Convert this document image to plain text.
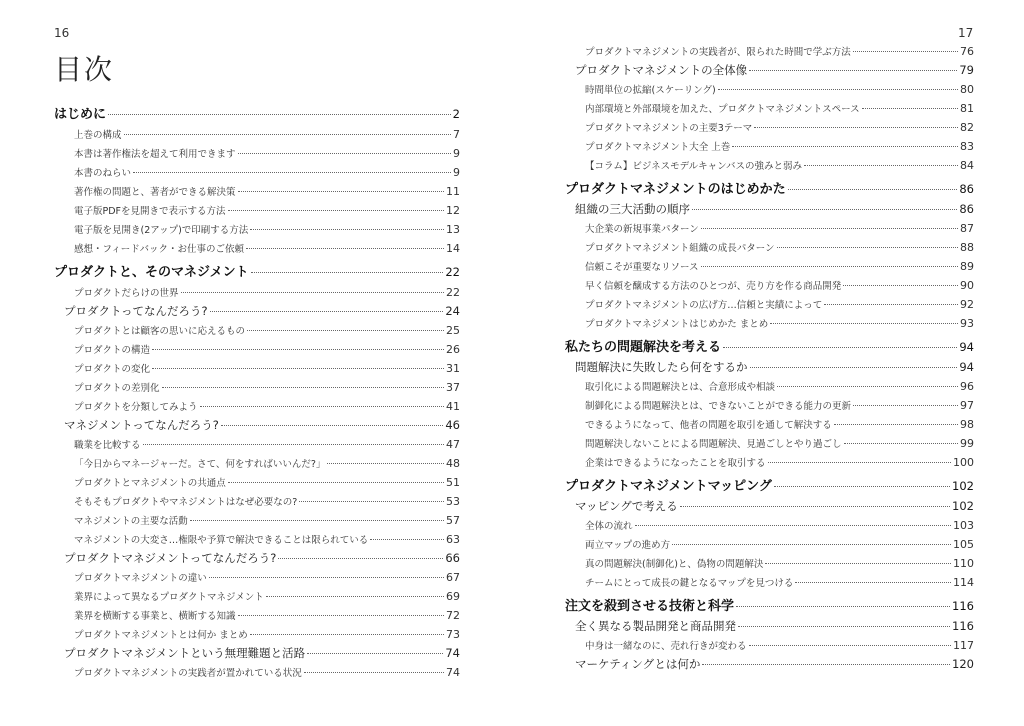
16	17
目次
はじめに	2
上巻の構成	7
本書は著作権法を超えて利用できます	9
本書のねらい	9
著作権の問題と、著者ができる解決策	11
電子版PDFを見開きで表示する方法	12
電子版を見開き(2アップ)で印刷する方法	13
感想・フィードバック・お仕事のご依頼	14
プロダクトと、そのマネジメント	22
プロダクトだらけの世界	22
プロダクトってなんだろう?	24
プロダクトとは顧客の思いに応えるもの	25
プロダクトの構造	26
プロダクトの変化	31
プロダクトの差別化	37
プロダクトを分類してみよう	41
マネジメントってなんだろう?	46
職業を比較する	47
「今日からマネージャーだ。さて、何をすればいいんだ?」	48
プロダクトとマネジメントの共通点	51
そもそもプロダクトやマネジメントはなぜ必要なの?	53
マネジメントの主要な活動	57
マネジメントの大変さ…権限や予算で解決できることは限られている	63
プロダクトマネジメントってなんだろう?	66
プロダクトマネジメントの違い	67
業界によって異なるプロダクトマネジメント	69
業界を横断する事業と、横断する知識	72
プロダクトマネジメントとは何か まとめ	73
プロダクトマネジメントという無理難題と活路	74
プロダクトマネジメントの実践者が置かれている状況	74
プロダクトマネジメントの実践者が、限られた時間で学ぶ方法	76
プロダクトマネジメントの全体像	79
時間単位の拡縮(スケーリング)	80
内部環境と外部環境を加えた、プロダクトマネジメントスペース	81
プロダクトマネジメントの主要3テーマ	82
プロダクトマネジメント大全 上巻	83
【コラム】ビジネスモデルキャンバスの強みと弱み	84
プロダクトマネジメントのはじめかた	86
組織の三大活動の順序	86
大企業の新規事業パターン	87
プロダクトマネジメント組織の成長パターン	88
信頼こそが重要なリソース	89
早く信頼を醸成する方法のひとつが、売り方を作る商品開発	90
プロダクトマネジメントの広げ方…信頼と実績によって	92
プロダクトマネジメントはじめかた まとめ	93
私たちの問題解決を考える	94
問題解決に失敗したら何をするか	94
取引化による問題解決とは、合意形成や相談	96
制御化による問題解決とは、できないことができる能力の更新	97
できるようになって、他者の問題を取引を通して解決する	98
問題解決しないことによる問題解決、見過ごしとやり過ごし	99
企業はできるようになったことを取引する	100
プロダクトマネジメントマッピング	102
マッピングで考える	102
全体の流れ	103
両立マップの進め方	105
真の問題解決(制御化)と、偽物の問題解決	110
チームにとって成長の鍵となるマップを見つける	114
注文を殺到させる技術と科学	116
全く異なる製品開発と商品開発	116
中身は一緒なのに、売れ行きが変わる	117
マーケティングとは何か	120
